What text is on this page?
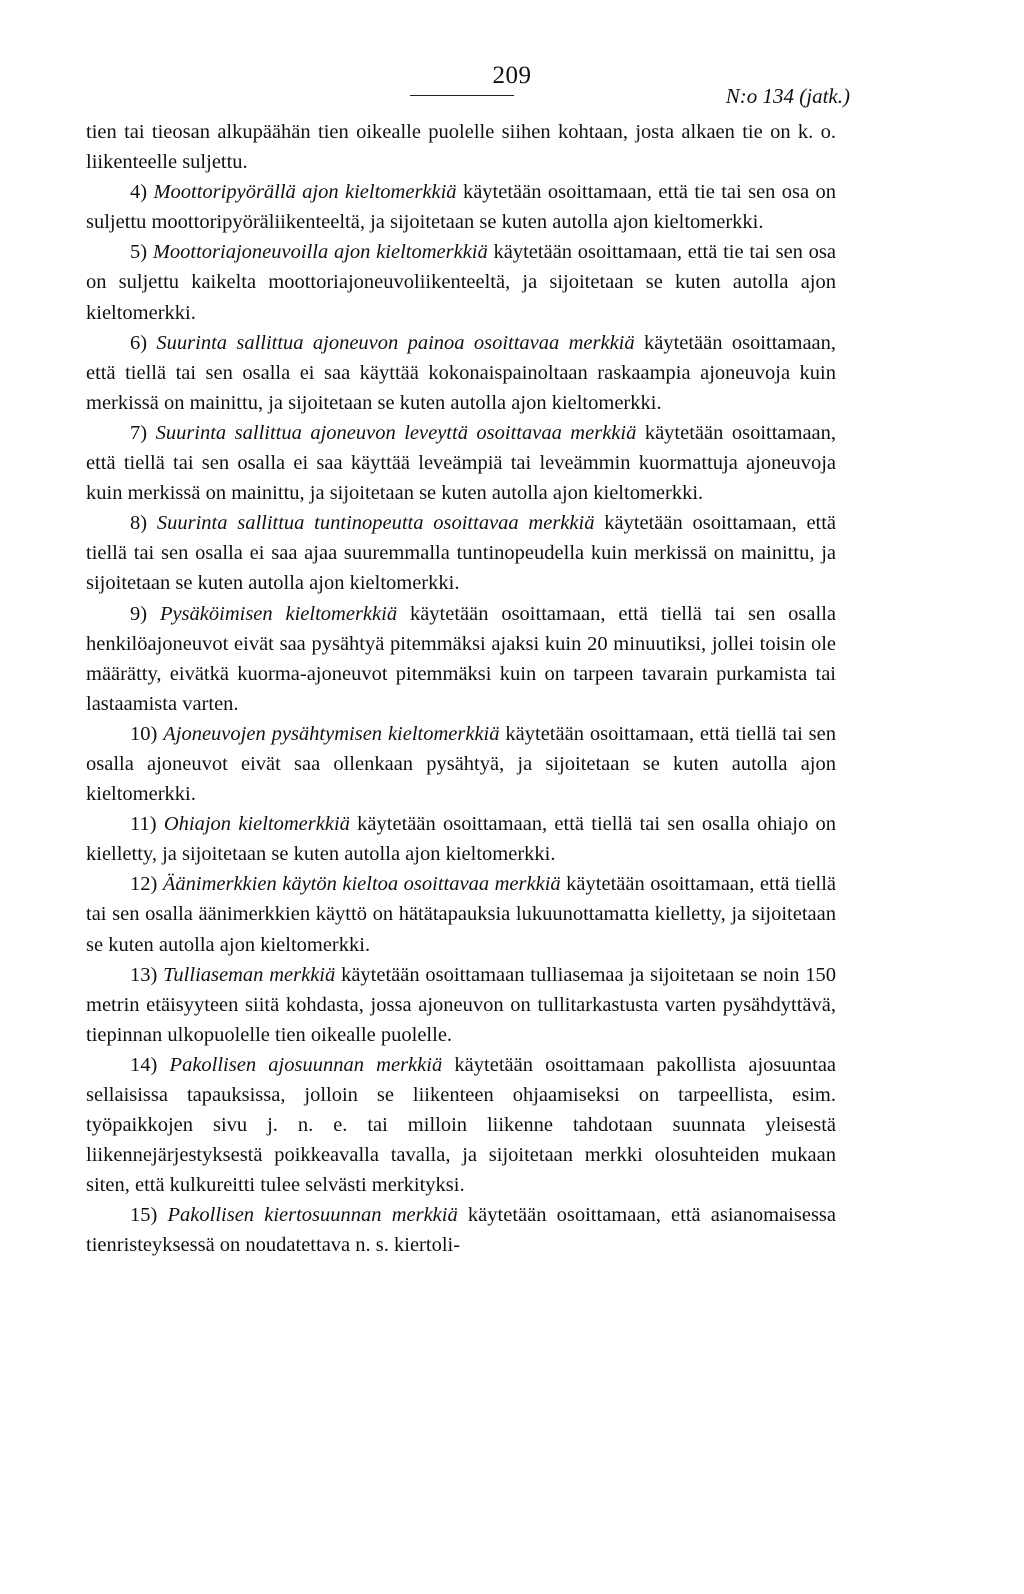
209
N:o 134 (jatk.)

tien tai tieosan alkupäähän tien oikealle puolelle siihen kohtaan, josta alkaen tie on k. o. liikenteelle suljettu.

4) Moottoripyörällä ajon kieltomerkkiä käytetään osoittamaan, että tie tai sen osa on suljettu moottoripyöräliikenteeltä, ja sijoitetaan se kuten autolla ajon kieltomerkki.

5) Moottoriajoneuvoilla ajon kieltomerkkiä käytetään osoittamaan, että tie tai sen osa on suljettu kaikelta moottoriajoneuvoliikenteeltä, ja sijoitetaan se kuten autolla ajon kieltomerkki.

6) Suurinta sallittua ajoneuvon painoa osoittavaa merkkiä käytetään osoittamaan, että tiellä tai sen osalla ei saa käyttää kokonaispainoltaan raskaampia ajoneuvoja kuin merkissä on mainittu, ja sijoitetaan se kuten autolla ajon kieltomerkki.

7) Suurinta sallittua ajoneuvon leveyttä osoittavaa merkkiä käytetään osoittamaan, että tiellä tai sen osalla ei saa käyttää leveämpiä tai leveämmin kuormattuja ajoneuvoja kuin merkissä on mainittu, ja sijoitetaan se kuten autolla ajon kieltomerkki.

8) Suurinta sallittua tuntinopeutta osoittavaa merkkiä käytetään osoittamaan, että tiellä tai sen osalla ei saa ajaa suuremmalla tuntinopeudella kuin merkissä on mainittu, ja sijoitetaan se kuten autolla ajon kieltomerkki.

9) Pysäköimisen kieltomerkkiä käytetään osoittamaan, että tiellä tai sen osalla henkilöajoneuvot eivät saa pysähtyä pitemmäksi ajaksi kuin 20 minuutiksi, jollei toisin ole määrätty, eivätkä kuorma-ajoneuvot pitemmäksi kuin on tarpeen tavarain purkamista tai lastaamista varten.

10) Ajoneuvojen pysähtymisen kieltomerkkiä käytetään osoittamaan, että tiellä tai sen osalla ajoneuvot eivät saa ollenkaan pysähtyä, ja sijoitetaan se kuten autolla ajon kieltomerkki.

11) Ohiajon kieltomerkkiä käytetään osoittamaan, että tiellä tai sen osalla ohiajo on kielletty, ja sijoitetaan se kuten autolla ajon kieltomerkki.

12) Äänimerkkien käytön kieltoa osoittavaa merkkiä käytetään osoittamaan, että tiellä tai sen osalla äänimerkkien käyttö on hätätapauksia lukuunottamatta kielletty, ja sijoitetaan se kuten autolla ajon kieltomerkki.

13) Tulliaseman merkkiä käytetään osoittamaan tulliasemaa ja sijoitetaan se noin 150 metrin etäisyyteen siitä kohdasta, jossa ajoneuvon on tullitarkastusta varten pysähdyttävä, tiepinnan ulkopuolelle tien oikealle puolelle.

14) Pakollisen ajosuunnan merkkiä käytetään osoittamaan pakollista ajosuuntaa sellaisissa tapauksissa, jolloin se liikenteen ohjaamiseksi on tarpeellista, esim. työpaikkojen sivu j. n. e. tai milloin liikenne tahdotaan suunnata yleisestä liikennejärjestyksestä poikkeavalla tavalla, ja sijoitetaan merkki olosuhteiden mukaan siten, että kulkureitti tulee selvästi merkityksi.

15) Pakollisen kiertosuunnan merkkiä käytetään osoittamaan, että asianomaisessa tienristeyksessä on noudatettava n. s. kiertoli-
